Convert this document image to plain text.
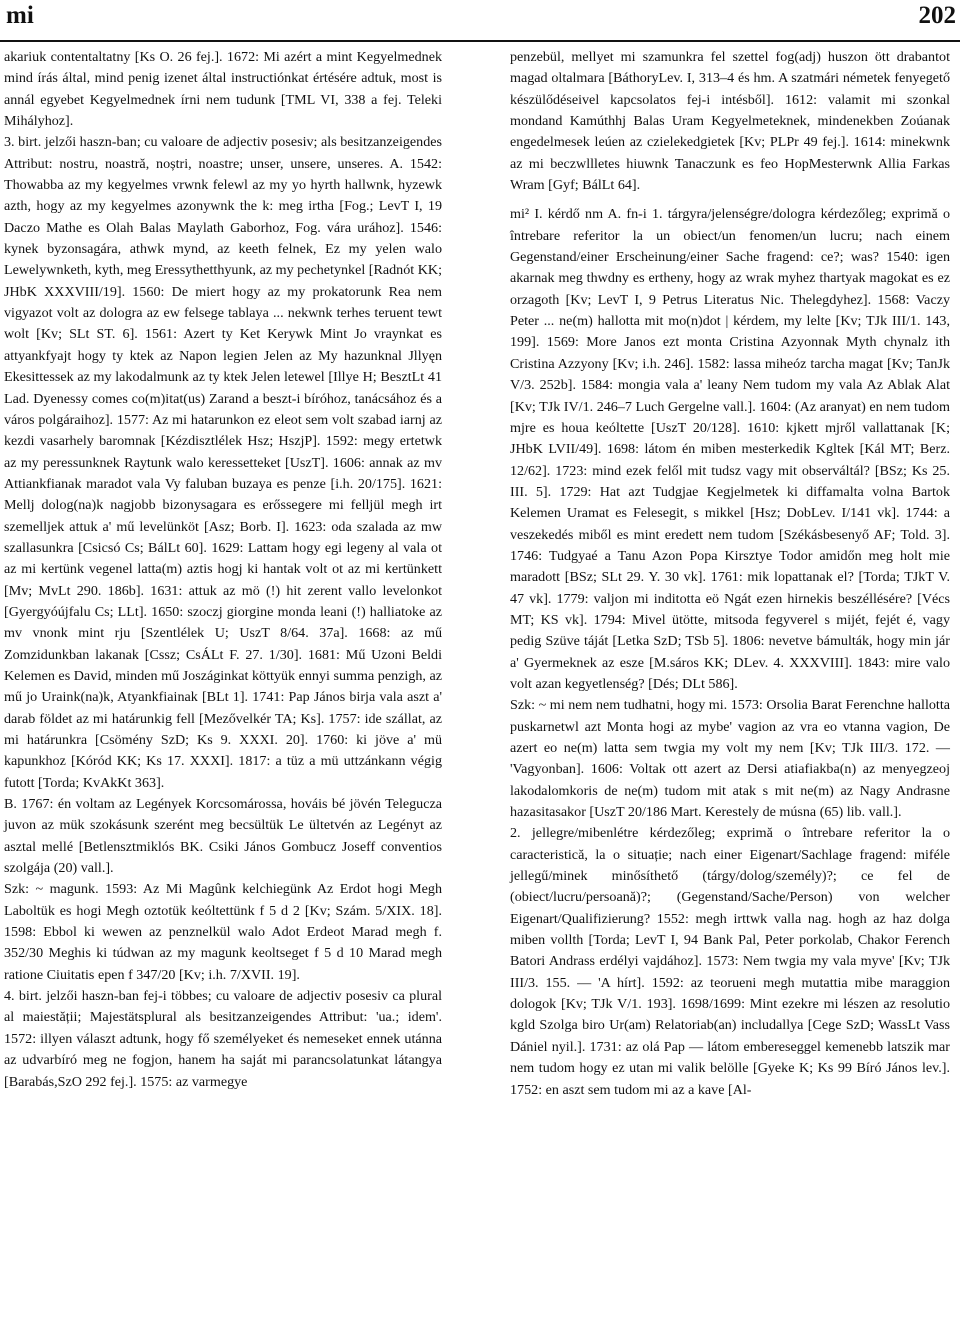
mi	202

akariuk contentaltatny [Ks O. 26 fej.]. 1672: Mi azért a mint Kegyelmednek mind írás által, mind penig izenet által instructiónkat értésére adtuk, most is annál egyebet Kegyelmednek írni nem tudunk [TML VI, 338 a fej. Teleki Mihályhoz].

3. birt. jelzői haszn-ban; cu valoare de adjectiv posesiv; als besitzanzeigendes Attribut: nostru, noastră, noștri, noastre; unser, unsere, unseres. A. 1542: Thowabba az my kegyelmes vrwnk felewl az my yo hyrth hallwnk, hyzewk azth, hogy az my kegyelmes azonywnk the k: meg irtha [Fog.; LevT I, 19 Daczo Mathe es Olah Balas Maylath Gaborhoz, Fog. vára urához]. 1546: kynek byzonsagára, athwk mynd, az keeth felnek, Ez my yelen walo Lewelywnketh, kyth, meg Eressythetthyunk, az my pechetynkel [Radnót KK; JHbK XXXVIII/19]. 1560: De miert hogy az my prokatorunk Rea nem vigyazot volt az dologra az ew felsege tablaya ... nekwnk terhes teruent tewt wolt [Kv; SLt ST. 6]. 1561: Azert ty Ket Kerywk Mint Jo vraynkat es attyankfyajt hogy ty ktek az Napon legien Jelen az My hazunknal Jllyęn Ekesittessek az my lakodalmunk az ty ktek Jelen letewel [Illye H; BesztLt 41 Lad. Dyenessy comes co(m)itat(us) Zarand a beszt-i bíróhoz, tanácsához és a város polgáraihoz]. 1577: Az mi hatarunkon ez eleot sem volt szabad iarnj az kezdi vasarhely baromnak [Kézdisztlélek Hsz; HszjP]. 1592: megy ertetwk az my peressunknek Raytunk walo keressetteket [UszT]. 1606: annak az mv Attiankfianak maradot vala Vy faluban buzaya es penze [i.h. 20/175]. 1621: Mellj dolog(na)k nagjobb bizonysagara es erőssegere mi felljül megh irt szemelljek attuk a' mű levelünköt [Asz; Borb. I]. 1623: oda szalada az mw szallasunkra [Csicsó Cs; BálLt 60]. 1629: Lattam hogy egi legeny al vala ot az mi kertünk vegenel latta(m) aztis hogj ki hantak volt ot az mi kertünkett [Mv; MvLt 290. 186b]. 1631: attuk az mö (!) hit zerent vallo levelonkot [Gyergyóújfalu Cs; LLt]. 1650: szoczj giorgine monda leani (!) halliatoke az mv vnonk mint rju [Szentlélek U; UszT 8/64. 37a]. 1668: az mű Zomzidunkban lakanak [Cssz; CsÁLt F. 27. 1/30]. 1681: Mű Uzoni Beldi Kelemen es David, minden mű Joszáginkat köttyük ennyi summa penzigh, az mű jo Uraink(na)k, Atyankfiainak [BLt 1]. 1741: Pap János birja vala aszt a' darab földet az mi határunkig fell [Mezővelkér TA; Ks]. 1757: ide szállat, az mi határunkra [Csömény SzD; Ks 9. XXXI. 20]. 1760: ki jöve a' mü kapunkhoz [Kóród KK; Ks 17. XXXI]. 1817: a tüz a mü uttzánkann végig futott [Torda; KvAkKt 363].

B. 1767: én voltam az Legények Korcsomárossa, hováis bé jövén Telegucza juvon az mük szokásunk szerént meg becsültük Le ültetvén az Legényt az asztal mellé [Betlensztmiklós BK. Csiki János Gombucz Joseff conventios szolgája (20) vall.].

Szk: ~ magunk. 1593: Az Mi Magûnk kelchiegünk Az Erdot hogi Megh Laboltük es hogi Megh oztotük keóltettünk f 5 d 2 [Kv; Szám. 5/XIX. 18]. 1598: Ebbol ki wewen az penznelkül walo Adot Erdeot Marad megh f. 352/30 Meghis ki túdwan az my magunk keoltseget f 5 d 10 Marad megh ratione Ciuitatis epen f 347/20 [Kv; i.h. 7/XVII. 19].

4. birt. jelzői haszn-ban fej-i többes; cu valoare de adjectiv posesiv ca plural al maiestății; Majestätsplural als besitzanzeigendes Attribut: 'ua.; idem'. 1572: illyen választ adtunk, hogy fő személyeket és nemeseket ennek utánna az udvarbíró meg ne fogjon, hanem ha saját mi parancsolatunkat látangya [Barabás,SzO 292 fej.]. 1575: az varmegye

penzebül, mellyet mi szamunkra fel szettel fog(adj) huszon ött drabantot magad oltalmara [BáthoryLev. I, 313–4 és hm. A szatmári németek fenyegető készülődéseivel kapcsolatos fej-i intésből]. 1612: valamit mi szonkal mondand Kamúthhj Balas Uram Kegyelmeteknek, mindenekben Zoúanak engedelmesek leúen az czielekedgietek [Kv; PLPr 49 fej.]. 1614: minekwnk az mi beczwllletes hiuwnk Tanaczunk es feo HopMesterwnk Allia Farkas Wram [Gyf; BálLt 64].

mi² I. kérdő nm A. fn-i 1. tárgyra/jelenségre/dologra kérdezőleg; exprimă o întrebare referitor la un obiect/un fenomen/un lucru; nach einem Gegenstand/einer Erscheinung/einer Sache fragend: ce?; was? 1540: igen akarnak meg thwdny es ertheny, hogy az wrak myhez thartyak magokat es ez orzagoth [Kv; LevT I, 9 Petrus Literatus Nic. Thelegdyhez]. 1568: Vaczy Peter ... ne(m) hallotta mit mo(n)dot | kérdem, my lelte [Kv; TJk III/1. 143, 199]. 1569: More Janos ezt monta Cristina Azyonnak Myth chynalz ith Cristina Azzyony [Kv; i.h. 246]. 1582: lassa miheóz tarcha magat [Kv; TanJk V/3. 252b]. 1584: mongia vala a' leany Nem tudom my vala Az Ablak Alat [Kv; TJk IV/1. 246–7 Luch Gergelne vall.]. 1604: (Az aranyat) en nem tudom mjre es houa keóltette [UszT 20/128]. 1610: kjkett mjről vallattanak [K; JHbK LVII/49]. 1698: látom én miben mesterkedik Kgltek [Kál MT; Berz. 12/62]. 1723: mind ezek felől mit tudsz vagy mit observáltál? [BSz; Ks 25. III. 5]. 1729: Hat azt Tudgjae Kegjelmetek ki diffamalta volna Bartok Kelemen Uramat es Felesegit, s mikkel [Hsz; DobLev. I/141 vk]. 1744: a veszekedés miből es mint eredett nem tudom [Székásbesenyő AF; Told. 3]. 1746: Tudgyaé a Tanu Azon Popa Kirsztye Todor amidőn meg holt mie maradott [BSz; SLt 29. Y. 30 vk]. 1761: mik lopattanak el? [Torda; TJkT V. 47 vk]. 1779: valjon mi inditotta eö Ngát ezen hirnekis beszéllésére? [Vécs MT; KS vk]. 1794: Mivel ütötte, mitsoda fegyverel s mijét, fejét é, vagy pedig Szüve táját [Letka SzD; TSb 5]. 1806: nevetve bámulták, hogy min jár a' Gyermeknek az esze [M.sáros KK; DLev. 4. XXXVIII]. 1843: mire valo volt azan kegyetlenség? [Dés; DLt 586].

Szk: ~ mi nem nem tudhatni, hogy mi. 1573: Orsolia Barat Ferenchne hallotta puskarnetwl azt Monta hogi az mybe' vagion az vra eo vtanna vagion, De azert eo ne(m) latta sem twgia my volt my nem [Kv; TJk III/3. 172. — 'Vagyonban]. 1606: Voltak ott azert az Dersi atiafiakba(n) az menyegzeoj lakodalomkoris de ne(m) tudom mit atak s mit ne(m) az Nagy Andrasne hazasitasakor [UszT 20/186 Mart. Kerestely de músna (65) lib. vall.].

2. jellegre/mibenlétre kérdezőleg; exprimă o întrebare referitor la o caracteristică, la o situație; nach einer Eigenart/Sachlage fragend: miféle jellegű/minek minősíthető (tárgy/dolog/személy)?; ce fel de (obiect/lucru/persoană)?; (Gegenstand/Sache/Person) von welcher Eigenart/Qualifizierung? 1552: megh irttwk valla nag. hogh az haz dolga miben vollth [Torda; LevT I, 94 Bank Pal, Peter porkolab, Chakor Ferench Batori Andrass erdélyi vajdához]. 1573: Nem twgia my vala myve' [Kv; TJk III/3. 155. — 'A hírt]. 1592: az teorueni megh mutattia mibe maraggion dologok [Kv; TJk V/1. 193]. 1698/1699: Mint ezekre mi lészen az resolutio kgld Szolga biro Ur(am) Relatoriab(an) includallya [Cege SzD; WassLt Vass Dániel nyil.]. 1731: az olá Pap — látom embereseggel kemenebb latszik mar nem tudom hogy ez utan mi valik belölle [Gyeke K; Ks 99 Bíró János lev.]. 1752: en aszt sem tudom mi az a kave [Al-
